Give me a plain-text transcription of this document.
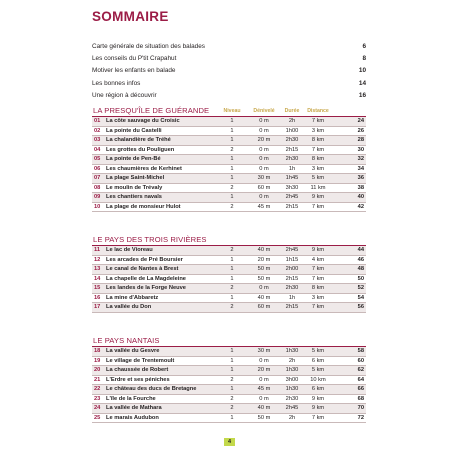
SOMMAIRE
Carte générale de situation des balades	6
Les conseils du P'tit Crapahut	8
Motiver les enfants en balade	10
Les bonnes infos	14
Une région à découvrir	16
LA PRESQU'ÎLE DE GUÉRANDE	Niveau Dénivelé Durée Distance
01 La côte sauvage du Croisic	1	0 m	2h	7 km	24
02 La pointe du Castelli	1	0 m	1h00 3 km	26
03 La chalandière de Tréhé	1	20 m	2h30 8 km	28
04 Les grottes du Pouliguen	2	0 m	2h15 7 km	30
05 La pointe de Pen-Bé	1	0 m	2h30 8 km	32
06 Les chaumières de Kerhinet	1	0 m	1h	3 km	34
07 La plage Saint-Michel	1	30 m	1h45 5 km	36
08 Le moulin de Trévaly	2	60 m	3h30 11 km	38
09 Les chantiers navals	1	0 m	2h45 9 km	40
10 La plage de monsieur Hulot	2	45 m	2h15 7 km	42
LE PAYS DES TROIS RIVIÈRES
11 Le lac de Vioreau	2	40 m	2h45 9 km	44
12 Les arcades de Pré Boursier	1	20 m	1h15 4 km	46
13 Le canal de Nantes à Brest	1	50 m	2h00 7 km	48
14 La chapelle de La Magdeleine	1	50 m	2h15 7 km	50
15 Les landes de la Forge Neuve	2	0 m	2h30 8 km	52
16 La mine d'Abbaretz	1	40 m	1h	3 km	54
17 La vallée du Don	2	60 m	2h15 7 km	56
LE PAYS NANTAIS
18 La vallée du Gesvre	1	30 m	1h30 5 km	58
19 Le village de Trentemoult	1	0 m	2h	6 km	60
20 La chaussée de Robert	1	20 m	1h30 5 km	62
21 L'Erdre et ses péniches	2	0 m	3h00 10 km	64
22 Le château des ducs de Bretagne	1	45 m	1h30 6 km	66
23 L'île de la Fourche	2	0 m	2h30 9 km	68
24 La vallée de Mathara	2	40 m	2h45 9 km	70
25 Le marais Audubon	1	50 m	2h	7 km	72
4
